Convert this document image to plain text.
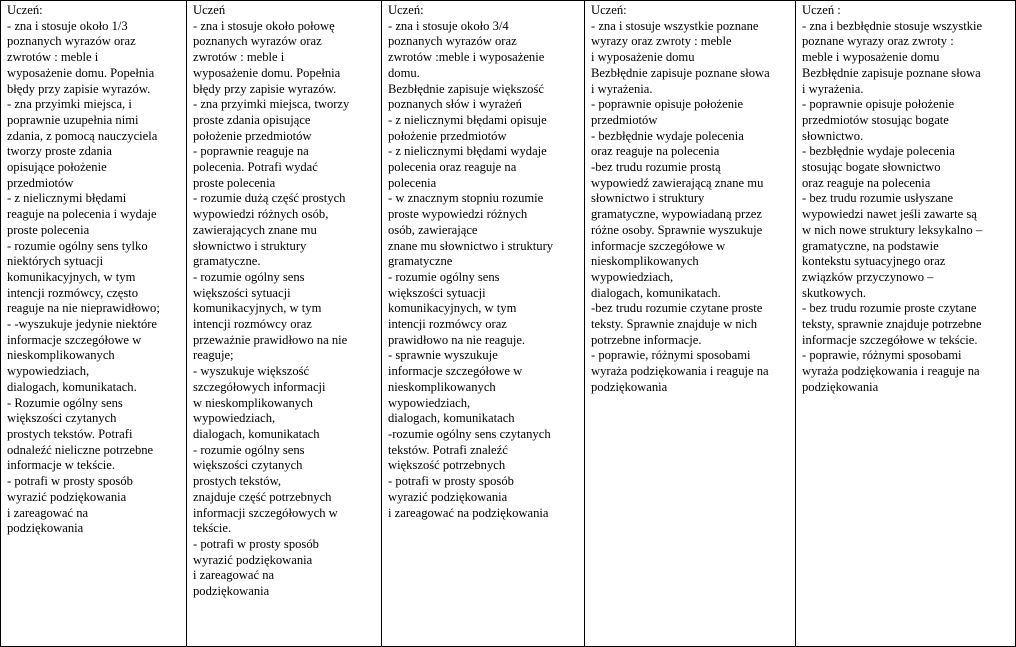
Uczeń:
- zna i stosuje około 1/3
poznanych wyrazów oraz
zwrotów : meble i
wyposażenie domu. Popełnia
błędy przy zapisie wyrazów.
- zna przyimki miejsca, i
poprawnie uzupełnia nimi
zdania, z pomocą nauczyciela
tworzy proste zdania
opisujące położenie
przedmiotów
- z nielicznymi błędami
reaguje na polecenia i wydaje
proste polecenia
- rozumie ogólny sens tylko
niektórych sytuacji
komunikacyjnych, w tym
intencji rozmówcy, często
reaguje na nie nieprawidłowo;
- -wyszukuje jedynie niektóre
informacje szczegółowe w
nieskomplikowanych
wypowiedziach,
dialogach, komunikatach.
- Rozumie ogólny sens
większości czytanych
prostych tekstów. Potrafi
odnaleźć nieliczne potrzebne
informacje w tekście.
- potrafi w prosty sposób
wyrazić podziękowania
i zareagować na
podziękowania

Uczeń
- zna i stosuje około połowę
poznanych wyrazów oraz
zwrotów : meble i
wyposażenie domu. Popełnia
błędy przy zapisie wyrazów.
- zna przyimki miejsca, tworzy
proste zdania opisujące
położenie przedmiotów
- poprawnie reaguje na
polecenia. Potrafi wydać
proste polecenia
- rozumie dużą część prostych
wypowiedzi różnych osób,
zawierających znane mu
słownictwo i struktury
gramatyczne.
- rozumie ogólny sens
większości sytuacji
komunikacyjnych, w tym
intencji rozmówcy oraz
przeważnie prawidłowo na nie
reaguje;
- wyszukuje większość
szczegółowych informacji
w nieskomplikowanych
wypowiedziach,
dialogach, komunikatach
- rozumie ogólny sens
większości czytanych
prostych tekstów,
znajduje część potrzebnych
informacji szczegółowych w
tekście.
- potrafi w prosty sposób
wyrazić podziękowania
i zareagować na
podziękowania

Uczeń:
- zna i stosuje około 3/4
poznanych wyrazów oraz
zwrotów :meble i wyposażenie
domu.
Bezbłędnie zapisuje większość
poznanych słów i wyrażeń
- z nielicznymi błędami opisuje
położenie przedmiotów
- z nielicznymi błędami wydaje
polecenia oraz reaguje na
polecenia
- w znacznym stopniu rozumie
proste wypowiedzi różnych
osób, zawierające
znane mu słownictwo i struktury
gramatyczne
- rozumie ogólny sens
większości sytuacji
komunikacyjnych, w tym
intencji rozmówcy oraz
prawidłowo na nie reaguje.
- sprawnie wyszukuje
informacje szczegółowe w
nieskomplikowanych
wypowiedziach,
dialogach, komunikatach
-rozumie ogólny sens czytanych
tekstów. Potrafi znaleźć
większość potrzebnych
- potrafi w prosty sposób
wyrazić podziękowania
i zareagować na podziękowania

Uczeń:
- zna i stosuje wszystkie poznane
wyrazy oraz zwroty : meble
i wyposażenie domu
Bezbłędnie zapisuje poznane słowa
i wyrażenia.
- poprawnie opisuje położenie
przedmiotów
- bezbłędnie wydaje polecenia
oraz reaguje na polecenia
-bez trudu rozumie prostą
wypowiedź zawierającą znane mu
słownictwo i struktury
gramatyczne, wypowiadaną przez
różne osoby. Sprawnie wyszukuje
informacje szczegółowe w
nieskomplikowanych
wypowiedziach,
dialogach, komunikatach.
-bez trudu rozumie czytane proste
teksty. Sprawnie znajduje w nich
potrzebne informacje.
- poprawie, różnymi sposobami
wyraża podziękowania i reaguje na
podziękowania

Uczeń :
- zna i bezbłędnie stosuje wszystkie
poznane wyrazy oraz zwroty :
meble i wyposażenie domu
Bezbłędnie zapisuje poznane słowa
i wyrażenia.
- poprawnie opisuje położenie
przedmiotów stosując bogate
słownictwo.
- bezbłędnie wydaje polecenia
stosując bogate słownictwo
oraz reaguje na polecenia
- bez trudu rozumie usłyszane
wypowiedzi nawet jeśli zawarte są
w nich nowe struktury leksykalno –
gramatyczne, na podstawie
kontekstu sytuacyjnego oraz
związków przyczynowo –
skutkowych.
- bez trudu rozumie proste czytane
teksty, sprawnie znajduje potrzebne
informacje szczegółowe w tekście.
- poprawie, różnymi sposobami
wyraża podziękowania i reaguje na
podziękowania
